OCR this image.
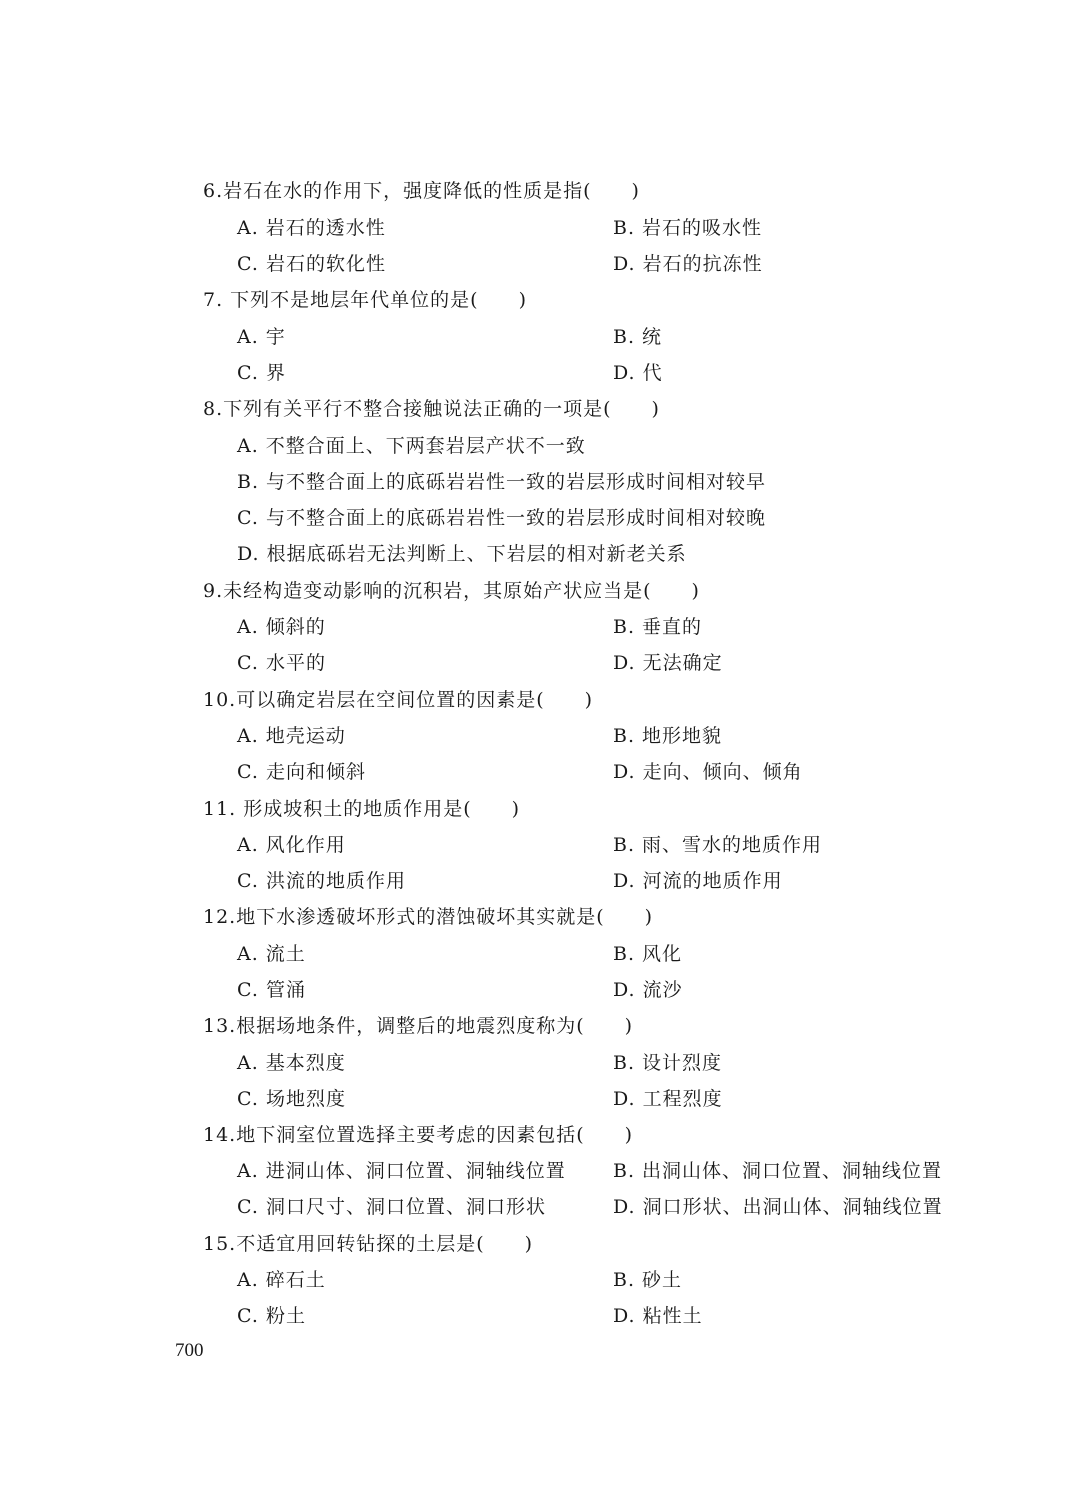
6.岩石在水的作用下，强度降低的性质是指(　　)
A. 岩石的透水性	B. 岩石的吸水性
C. 岩石的软化性	D. 岩石的抗冻性
7. 下列不是地层年代单位的是(　　)
A. 宇	B. 统
C. 界	D. 代
8.下列有关平行不整合接触说法正确的一项是(　　)
A. 不整合面上、下两套岩层产状不一致
B. 与不整合面上的底砾岩岩性一致的岩层形成时间相对较早
C. 与不整合面上的底砾岩岩性一致的岩层形成时间相对较晚
D. 根据底砾岩无法判断上、下岩层的相对新老关系
9.未经构造变动影响的沉积岩，其原始产状应当是(　　)
A. 倾斜的	B. 垂直的
C. 水平的	D. 无法确定
10.可以确定岩层在空间位置的因素是(　　)
A. 地壳运动	B. 地形地貌
C. 走向和倾斜	D. 走向、倾向、倾角
11. 形成坡积土的地质作用是(　　)
A. 风化作用	B. 雨、雪水的地质作用
C. 洪流的地质作用	D. 河流的地质作用
12.地下水渗透破坏形式的潜蚀破坏其实就是(　　)
A. 流土	B. 风化
C. 管涌	D. 流沙
13.根据场地条件，调整后的地震烈度称为(　　)
A. 基本烈度	B. 设计烈度
C. 场地烈度	D. 工程烈度
14.地下洞室位置选择主要考虑的因素包括(　　)
A. 进洞山体、洞口位置、洞轴线位置 B. 出洞山体、洞口位置、洞轴线位置
C. 洞口尺寸、洞口位置、洞口形状	D. 洞口形状、出洞山体、洞轴线位置
15.不适宜用回转钻探的土层是(　　)
A. 碎石土	B. 砂土
C. 粉土	D. 粘性土
700
